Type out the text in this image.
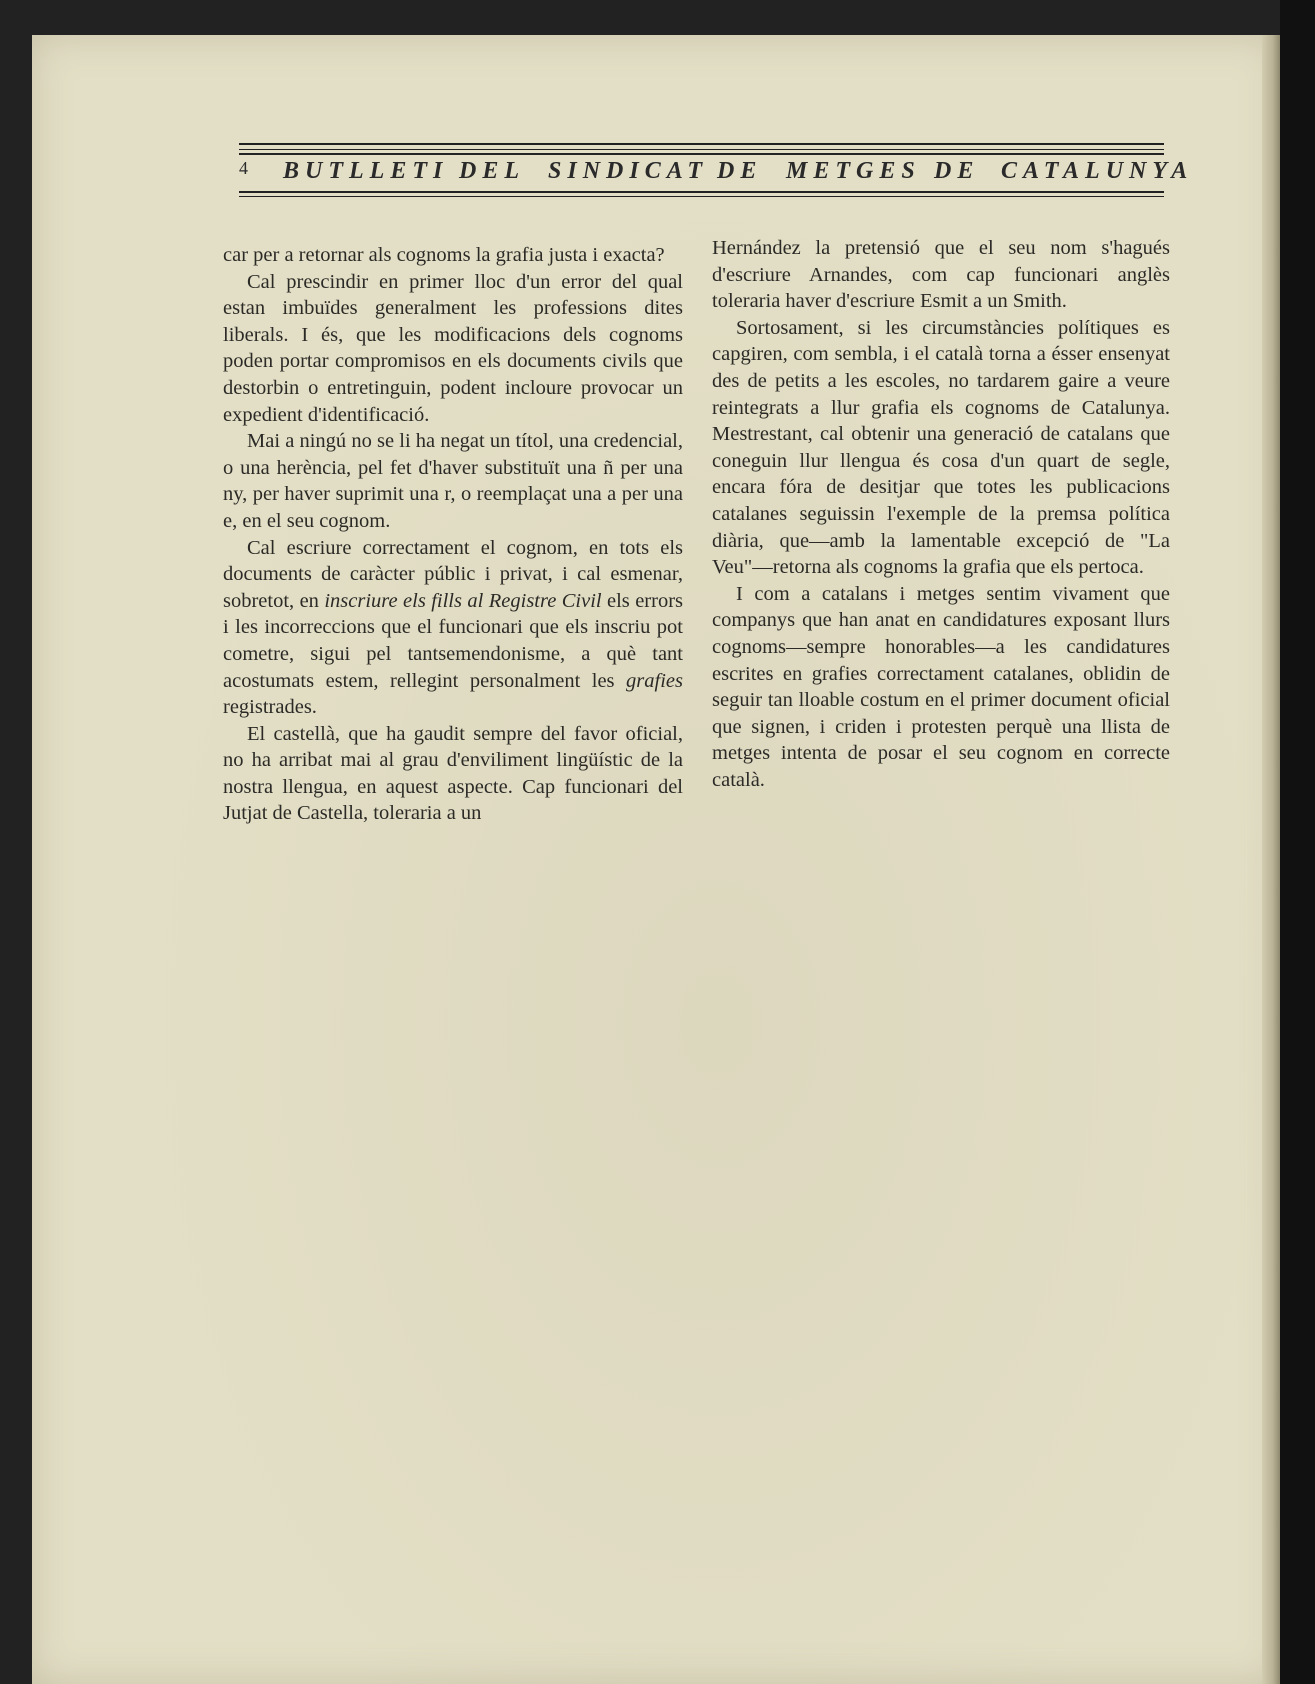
4 BUTLLETI DEL SINDICAT DE METGES DE CATALUNYA

car per a retornar als cognoms la grafia justa i exacta?

Cal prescindir en primer lloc d'un error del qual estan imbuïdes generalment les professions dites liberals. I és, que les modificacions dels cognoms poden portar compromisos en els documents civils que destorbin o entretinguin, podent incloure provocar un expedient d'identificació.

Mai a ningú no se li ha negat un títol, una credencial, o una herència, pel fet d'haver substituït una ñ per una ny, per haver suprimit una r, o reemplaçat una a per una e, en el seu cognom.

Cal escriure correctament el cognom, en tots els documents de caràcter públic i privat, i cal esmenar, sobretot, en inscriure els fills al Registre Civil els errors i les incorreccions que el funcionari que els inscriu pot cometre, sigui pel tantsemendonisme, a què tant acostumats estem, rellegint personalment les grafies registrades.

El castellà, que ha gaudit sempre del favor oficial, no ha arribat mai al grau d'enviliment lingüístic de la nostra llengua, en aquest aspecte. Cap funcionari del Jutjat de Castella, toleraria a un

Hernández la pretensió que el seu nom s'hagués d'escriure Arnandes, com cap funcionari anglès toleraria haver d'escriure Esmit a un Smith.

Sortosament, si les circumstàncies polítiques es capgiren, com sembla, i el català torna a ésser ensenyat des de petits a les escoles, no tardarem gaire a veure reintegrats a llur grafia els cognoms de Catalunya. Mestrestant, cal obtenir una generació de catalans que coneguin llur llengua és cosa d'un quart de segle, encara fóra de desitjar que totes les publicacions catalanes seguissin l'exemple de la premsa política diària, que—amb la lamentable excepció de "La Veu"—retorna als cognoms la grafia que els pertoca.

I com a catalans i metges sentim vivament que companys que han anat en candidatures exposant llurs cognoms—sempre honorables—a les candidatures escrites en grafies correctament catalanes, oblidin de seguir tan lloable costum en el primer document oficial que signen, i criden i protesten perquè una llista de metges intenta de posar el seu cognom en correcte català.
